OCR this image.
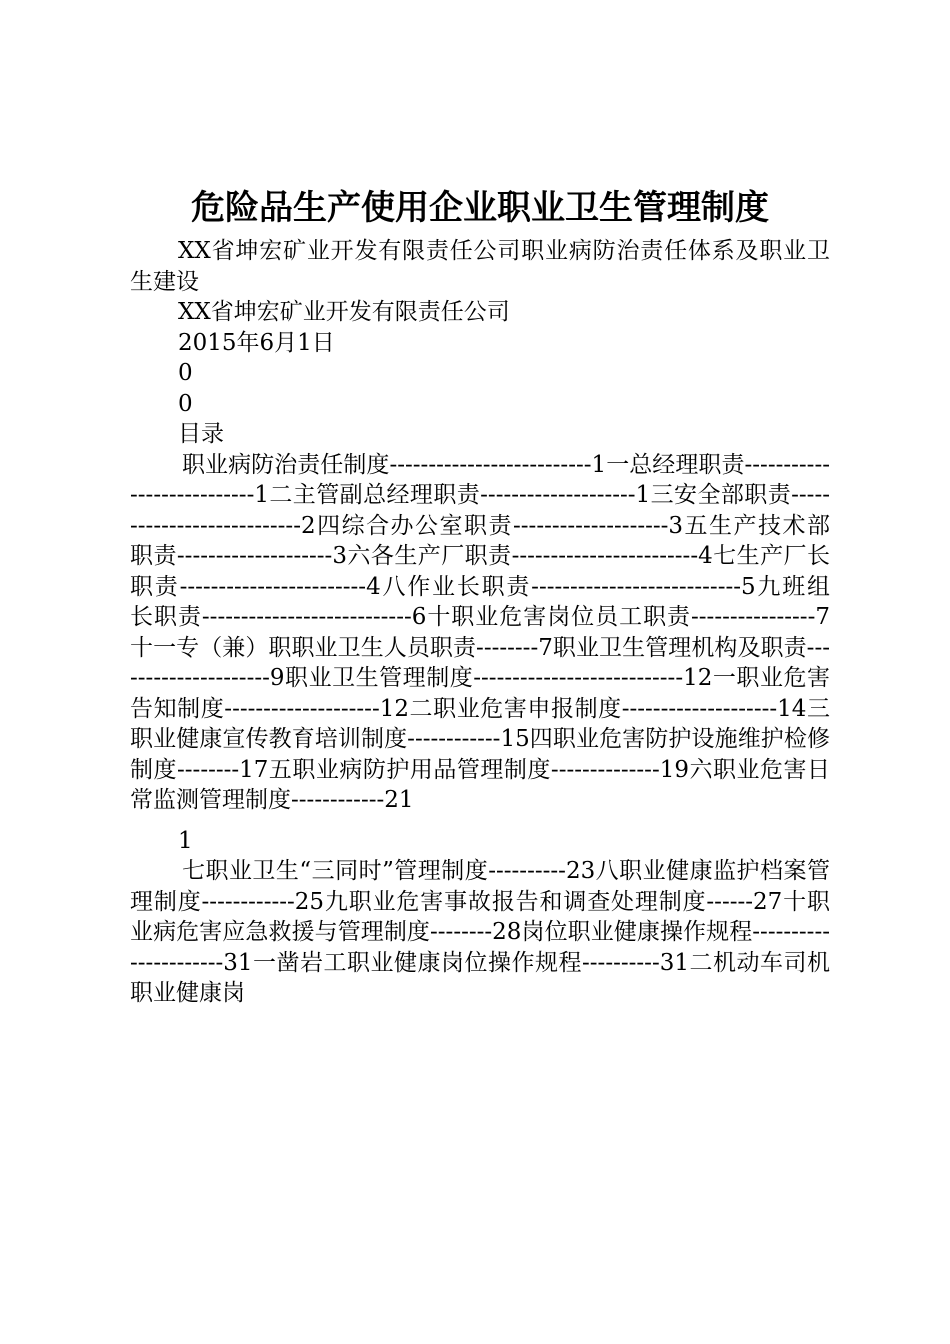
危险品生产使用企业职业卫生管理制度

XX省坤宏矿业开发有限责任公司职业病防治责任体系及职业卫生建设

XX省坤宏矿业开发有限责任公司

2015年6月1日

0

0

目录

职业病防治责任制度--------------------------1一总经理职责---------------------------1二主管副总经理职责--------------------1三安全部职责---------------------------2四综合办公室职责--------------------3五生产技术部职责--------------------3六各生产厂职责------------------------4七生产厂长职责------------------------4八作业长职责---------------------------5九班组长职责---------------------------6十职业危害岗位员工职责----------------7十一专（兼）职职业卫生人员职责--------7职业卫生管理机构及职责---------------------9职业卫生管理制度---------------------------12一职业危害告知制度--------------------12二职业危害申报制度--------------------14三职业健康宣传教育培训制度------------15四职业危害防护设施维护检修制度--------17五职业病防护用品管理制度--------------19六职业危害日常监测管理制度------------21

1

七职业卫生“三同时”管理制度----------23八职业健康监护档案管理制度------------25九职业危害事故报告和调查处理制度------27十职业病危害应急救援与管理制度--------28岗位职业健康操作规程----------------------31一凿岩工职业健康岗位操作规程----------31二机动车司机职业健康岗
